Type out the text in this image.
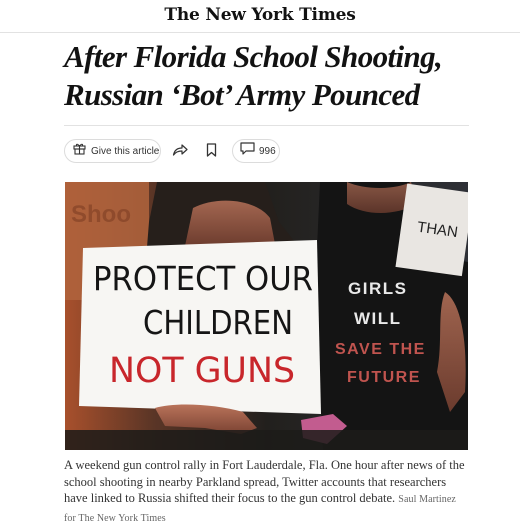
The New York Times
After Florida School Shooting,
Russian ‘Bot’ Army Pounced
Give this article	996
Shoo
THAN
GIRLS
WILL
SAVE THE
FUTURE
PROTECT OUR
CHILDREN
NOT GUNS

A weekend gun control rally in Fort Lauderdale, Fla. One hour after news of the school shooting in nearby Parkland spread, Twitter accounts that researchers have linked to Russia shifted their focus to the gun control debate. Saul Martinez for The New York Times
